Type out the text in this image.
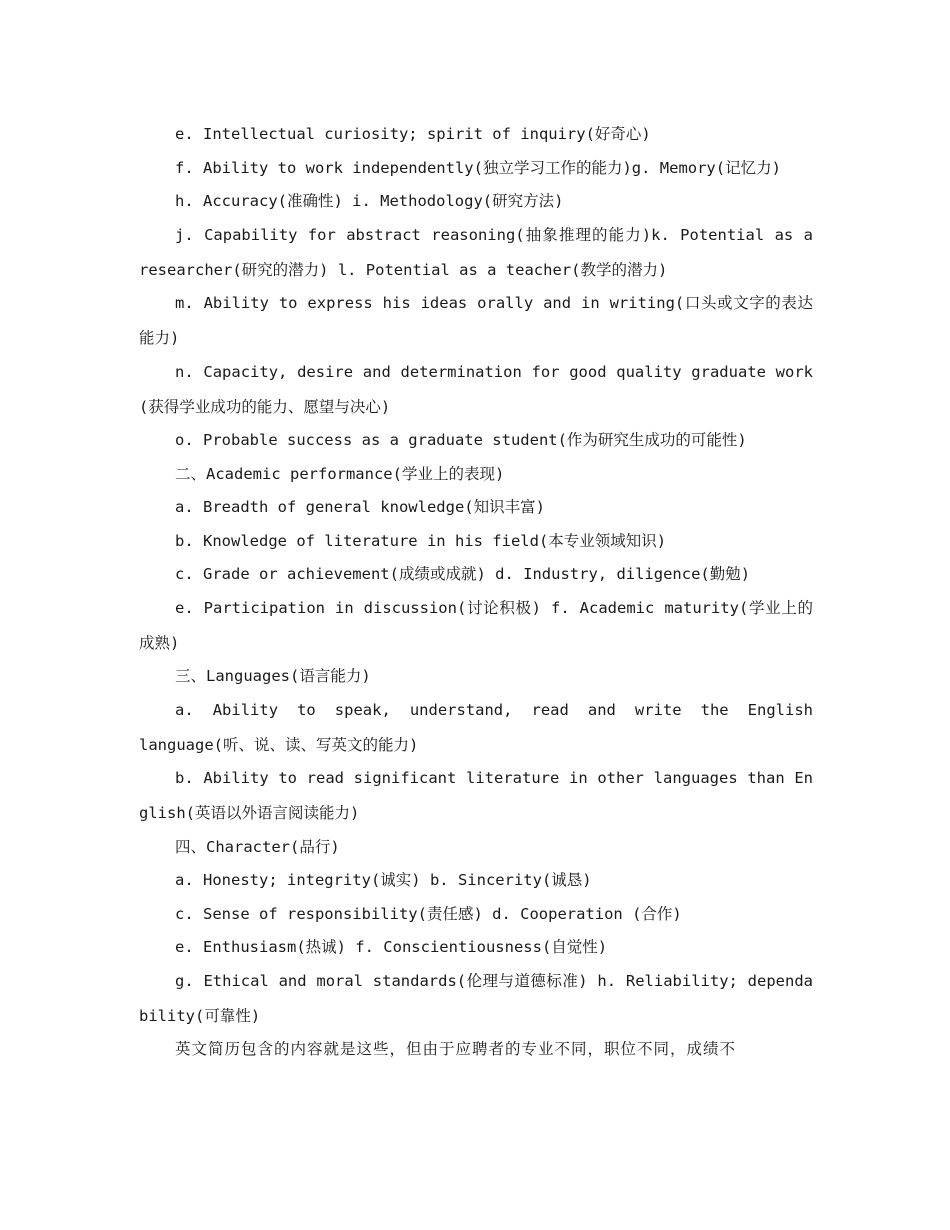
e. Intellectual curiosity; spirit of inquiry(好奇心)

f. Ability to work independently(独立学习工作的能力)g. Memory(记忆力)

h. Accuracy(准确性) i. Methodology(研究方法)

j. Capability for abstract reasoning(抽象推理的能力)k. Potential as a researcher(研究的潜力) l. Potential as a teacher(教学的潜力)

m. Ability to express his ideas orally and in writing(口头或文字的表达能力)

n. Capacity, desire and determination for good quality graduate work(获得学业成功的能力、愿望与决心)

o. Probable success as a graduate student(作为研究生成功的可能性)

二、Academic performance(学业上的表现)

a. Breadth of general knowledge(知识丰富)

b. Knowledge of literature in his field(本专业领域知识)

c. Grade or achievement(成绩或成就) d. Industry, diligence(勤勉)

e. Participation in discussion(讨论积极) f. Academic maturity(学业上的成熟)

三、Languages(语言能力)

a. Ability to speak, understand, read and write the English language(听、说、读、写英文的能力)

b. Ability to read significant literature in other languages than English(英语以外语言阅读能力)

四、Character(品行)

a. Honesty; integrity(诚实) b. Sincerity(诚恳)

c. Sense of responsibility(责任感) d. Cooperation (合作)

e. Enthusiasm(热诚) f. Conscientiousness(自觉性)

g. Ethical and moral standards(伦理与道德标准) h. Reliability; dependability(可靠性)

英文简历包含的内容就是这些，但由于应聘者的专业不同，职位不同，成绩不
